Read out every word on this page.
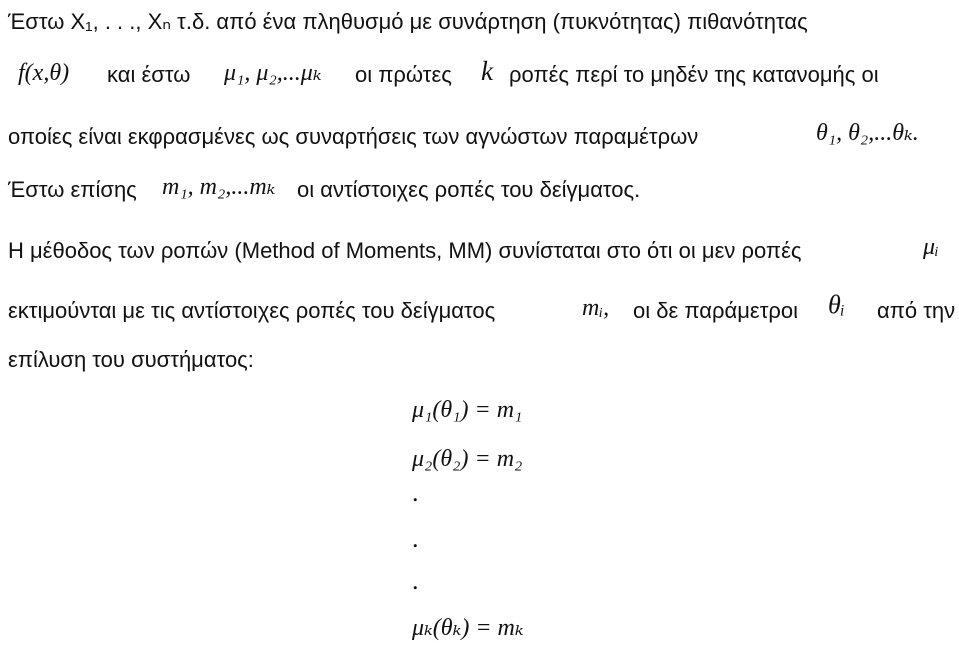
Έστω X₁, . . ., Xₙ τ.δ. από ένα πληθυσμό με συνάρτηση (πυκνότητας) πιθανότητας
f(x,θ) και έστω μ₁, μ₂,...μₖ οι πρώτες k ροπές περί το μηδέν της κατανομής οι
οποίες είναι εκφρασμένες ως συναρτήσεις των αγνώστων παραμέτρων	θ₁, θ₂,...θₖ.
Έστω επίσης m₁, m₂,...mₖ οι αντίστοιχες ροπές του δείγματος.
Η μέθοδος των ροπών (Method of Moments, MM) συνίσταται στο ότι οι μεν ροπές	μᵢ
εκτιμούνται με τις αντίστοιχες ροπές του δείγματος	mᵢ, οι δε παράμετροι θᵢ από την
επίλυση του συστήματος:
μ₁(θ₁) = m₁
μ₂(θ₂) = m₂
.
.
.
μₖ(θₖ) = mₖ
